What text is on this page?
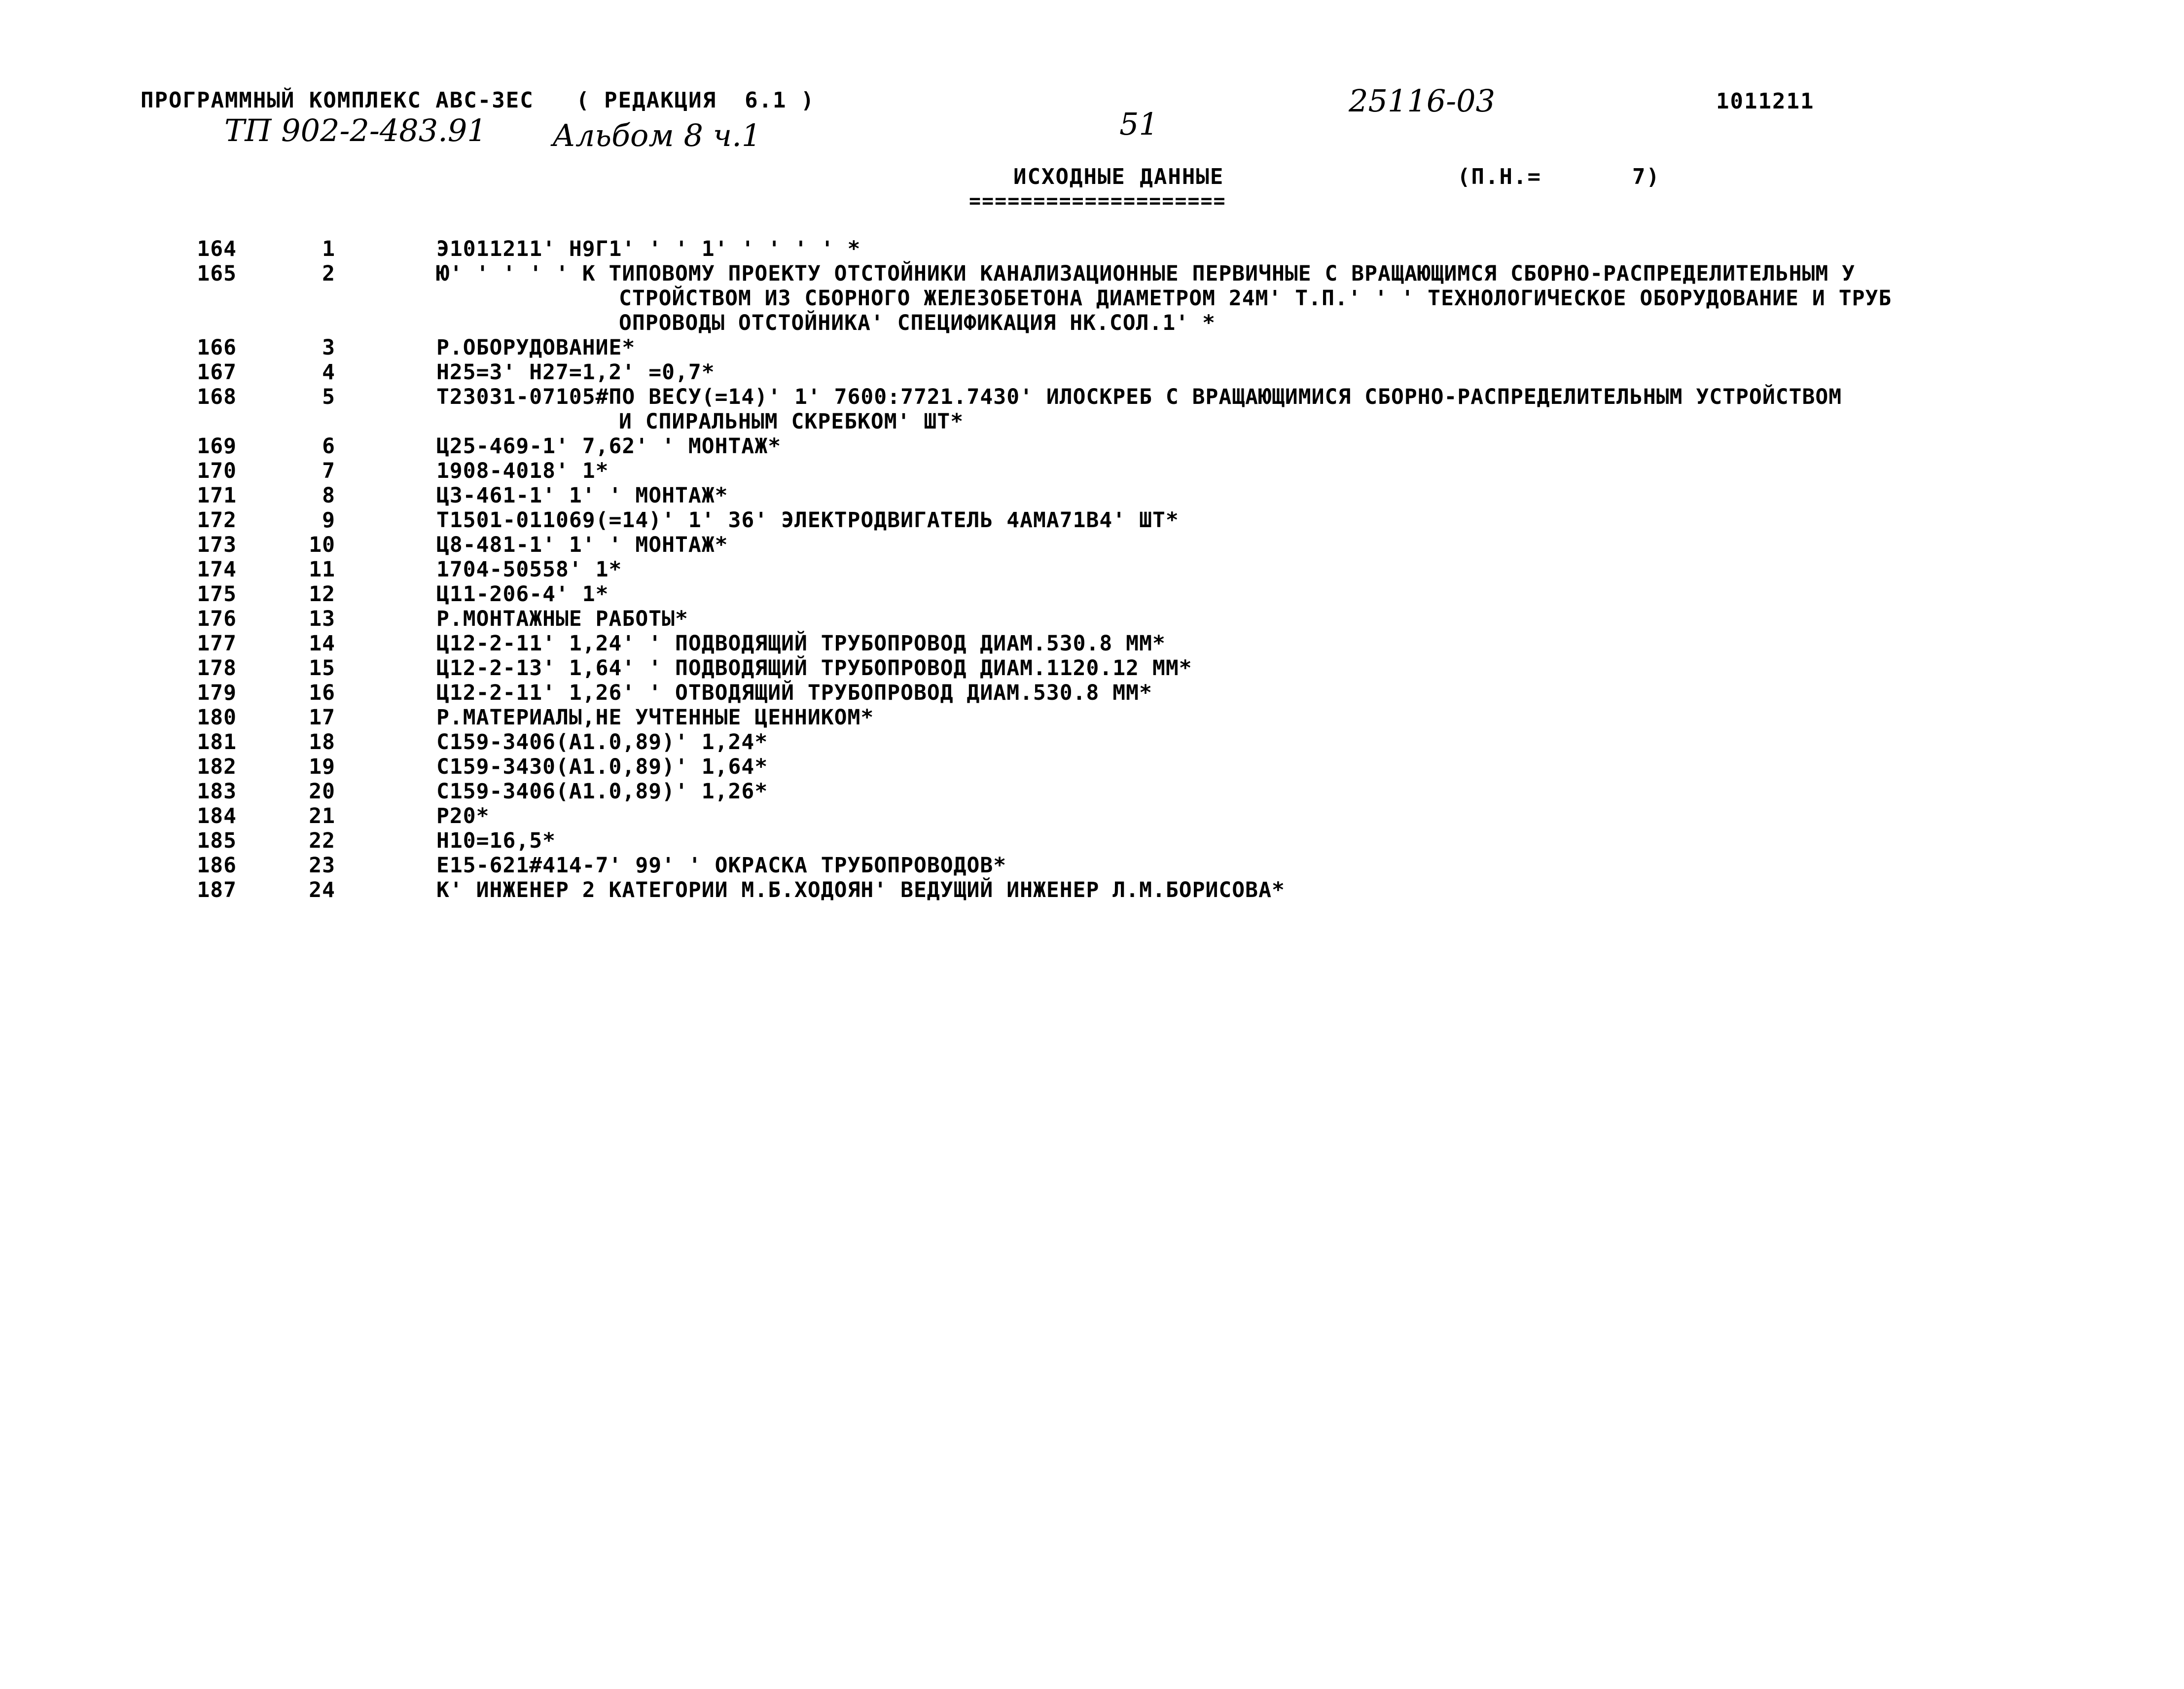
ПРОГРАММНЫЙ КОМПЛЕКС АВС-3ЕС   ( РЕДАКЦИЯ  6.1 )	25116-03	1011211
ТП 902-2-483.91 Альбом 8 ч.1	51
ИСХОДНЫЕ ДАННЫЕ
====================
(П.Н.=	7)
164	1	Э1011211' Н9Г1' ' ' 1' ' ' ' ' *
165	2	Ю' ' ' ' ' К ТИПОВОМУ ПРОЕКТУ ОТСТОЙНИКИ КАНАЛИЗАЦИОННЫЕ ПЕРВИЧНЫЕ С ВРАЩАЮЩИМСЯ СБОРНО-РАСПРЕДЕЛИТЕЛЬНЫМ У
СТРОЙСТВОМ ИЗ СБОРНОГО ЖЕЛЕЗОБЕТОНА ДИАМЕТРОМ 24М' Т.П.' ' ' ТЕХНОЛОГИЧЕСКОЕ ОБОРУДОВАНИЕ И ТРУБ
ОПРОВОДЫ ОТСТОЙНИКА' СПЕЦИФИКАЦИЯ НК.СОЛ.1' *
166	3	Р.ОБОРУДОВАНИЕ*
167	4	Н25=3' Н27=1,2' =0,7*
168	5	Т23031-07105#ПО ВЕСУ(=14)' 1' 7600:7721.7430' ИЛОСКРЕБ С ВРАЩАЮЩИМИСЯ СБОРНО-РАСПРЕДЕЛИТЕЛЬНЫМ УСТРОЙСТВОМ
И СПИРАЛЬНЫМ СКРЕБКОМ' ШТ*
169	6	Ц25-469-1' 7,62' ' МОНТАЖ*
170	7	1908-4018' 1*
171	8	Ц3-461-1' 1' ' МОНТАЖ*
172	9	Т1501-011069(=14)' 1' 36' ЭЛЕКТРОДВИГАТЕЛЬ 4АМА71В4' ШТ*
173	10	Ц8-481-1' 1' ' МОНТАЖ*
174	11	1704-50558' 1*
175	12	Ц11-206-4' 1*
176	13	Р.МОНТАЖНЫЕ РАБОТЫ*
177	14	Ц12-2-11' 1,24' ' ПОДВОДЯЩИЙ ТРУБОПРОВОД ДИАМ.530.8 ММ*
178	15	Ц12-2-13' 1,64' ' ПОДВОДЯЩИЙ ТРУБОПРОВОД ДИАМ.1120.12 ММ*
179	16	Ц12-2-11' 1,26' ' ОТВОДЯЩИЙ ТРУБОПРОВОД ДИАМ.530.8 ММ*
180	17	Р.МАТЕРИАЛЫ,НЕ УЧТЕННЫЕ ЦЕННИКОМ*
181	18	С159-3406(А1.0,89)' 1,24*
182	19	С159-3430(А1.0,89)' 1,64*
183	20	С159-3406(А1.0,89)' 1,26*
184	21	Р20*
185	22	Н10=16,5*
186	23	Е15-621#414-7' 99' ' ОКРАСКА ТРУБОПРОВОДОВ*
187	24	К' ИНЖЕНЕР 2 КАТЕГОРИИ М.Б.ХОДОЯН' ВЕДУЩИЙ ИНЖЕНЕР Л.М.БОРИСОВА*
